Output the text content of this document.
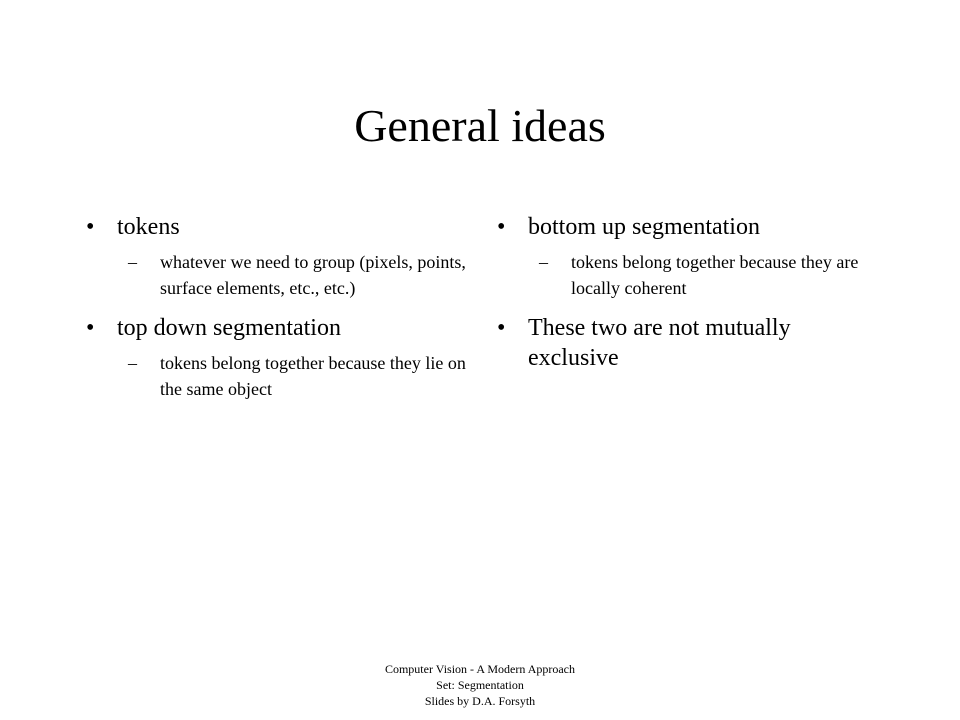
General ideas
• tokens
–	whatever we need to group (pixels, points, surface elements, etc., etc.)
• top down segmentation
–	tokens belong together because they lie on the same object
• bottom up segmentation
–	tokens belong together because they are locally coherent
• These two are not mutually exclusive
Computer Vision - A Modern Approach
Set: Segmentation
Slides by D.A. Forsyth
